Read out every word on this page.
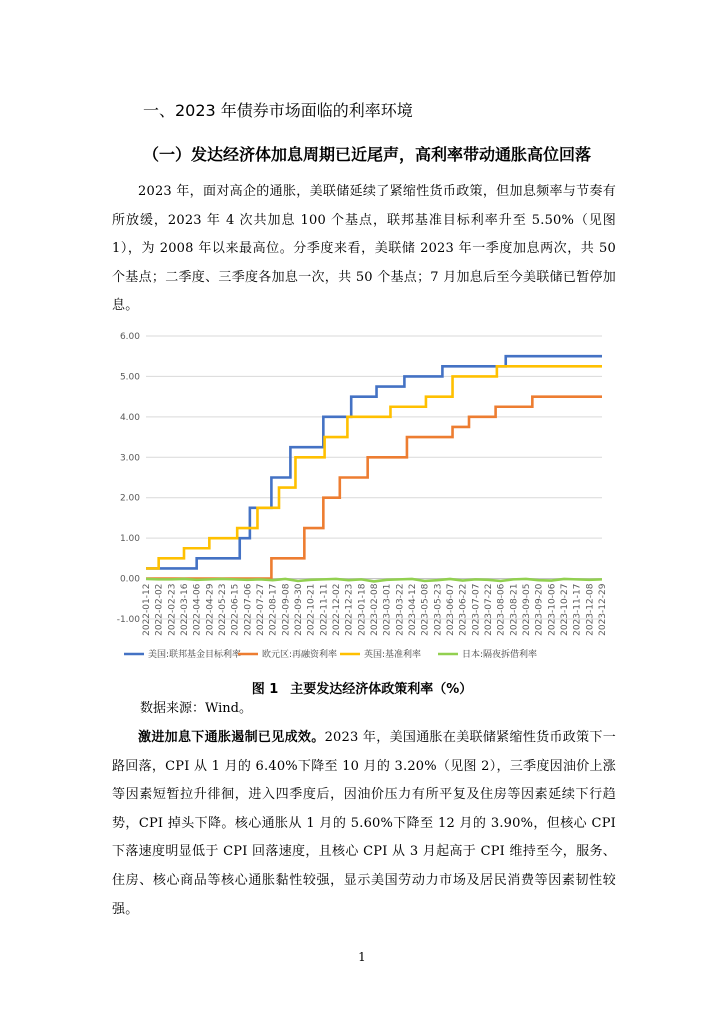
一、2023 年债券市场面临的利率环境
（一）发达经济体加息周期已近尾声，高利率带动通胀高位回落
2023 年，面对高企的通胀，美联储延续了紧缩性货币政策，但加息频率与节奏有所放缓，2023 年 4 次共加息 100 个基点，联邦基准目标利率升至 5.50%（见图 1），为 2008 年以来最高位。分季度来看，美联储 2023 年一季度加息两次，共 50 个基点；二季度、三季度各加息一次，共 50 个基点；7 月加息后至今美联储已暂停加息。
6.00
5.00
4.00
3.00
2.00
1.00
0.00
-1.00 2022-01-12 2022-02-02 2022-02-23 2022-03-16 2022-04-06 2022-04-29 2022-05-23 2022-06-15 2022-07-06 2022-07-27 2022-08-17 2022-09-08 2022-09-30 2022-10-21 2022-11-11 2022-12-02 2022-12-23 2023-01-18 2023-02-08 2023-03-01 2023-03-22 2023-04-12 2023-05-08 2023-05-23 2023-06-07 2023-06-22 2023-07-07 2023-07-22 2023-08-06 2023-08-21 2023-09-05 2023-09-20 2023-10-06 2023-10-27 2023-11-17 2023-12-08 2023-12-29
美国:联邦基金目标利率 欧元区:再融资利率	英国:基准利率	日本:隔夜拆借利率
图 1 主要发达经济体政策利率（%）
数据来源：Wind。
激进加息下通胀遏制已见成效。2023 年，美国通胀在美联储紧缩性货币政策下一路回落，CPI 从 1 月的 6.40%下降至 10 月的 3.20%（见图 2），三季度因油价上涨等因素短暂拉升徘徊，进入四季度后，因油价压力有所平复及住房等因素延续下行趋势，CPI 掉头下降。核心通胀从 1 月的 5.60%下降至 12 月的 3.90%，但核心 CPI 下落速度明显低于 CPI 回落速度，且核心 CPI 从 3 月起高于 CPI 维持至今，服务、住房、核心商品等核心通胀黏性较强，显示美国劳动力市场及居民消费等因素韧性较强。
1
